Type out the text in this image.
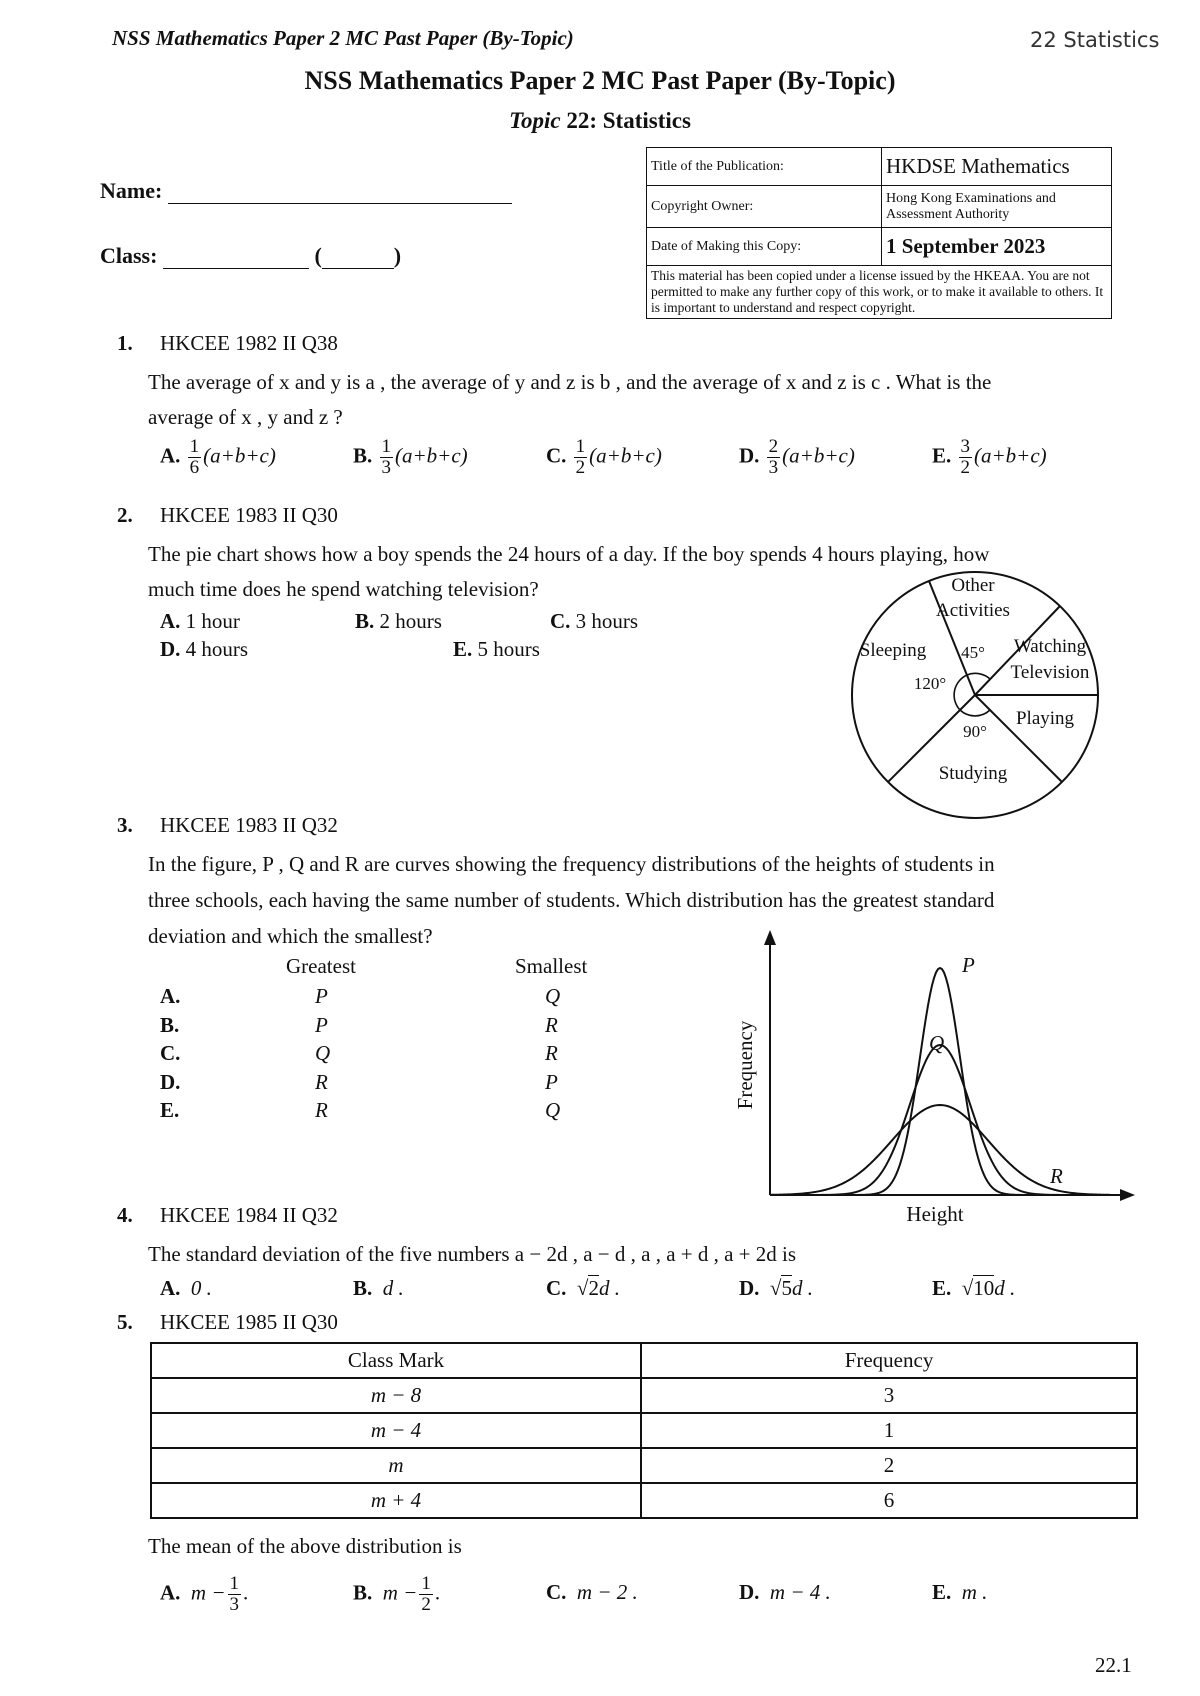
NSS Mathematics Paper 2 MC Past Paper (By-Topic)	22 Statistics
NSS Mathematics Paper 2 MC Past Paper (By-Topic)
Topic 22: Statistics
Name:
Class:	(	)
Title of the Publication:	HKDSE Mathematics
Copyright Owner:	Hong Kong Examinations and Assessment Authority
Date of Making this Copy:	1 September 2023
This material has been copied under a license issued by the HKEAA. You are not permitted to make any further copy of this work, or to make it available to others. It is important to understand and respect copyright.	
1. HKCEE 1982 II Q38
The average of x and y is a , the average of y and z is b , and the average of x and z is c . What is the
average of x , y and z ?
A. $\frac{1}{6} (a+b+c)$	B. $\frac{1}{3} (a+b+c)$	C. $\frac{1}{2} (a+b+c)$	D. $\frac{2}{3} (a+b+c)$	E. $\frac{3}{2} (a+b+c)$
2. HKCEE 1983 II Q30
The pie chart shows how a boy spends the 24 hours of a day. If the boy spends 4 hours playing, how
much time does he spend watching television?
A. 1 hour	B. 2 hours	C. 3 hours
D. 4 hours	E. 5 hours
Other
Activities
Sleeping	Watching
Television
Playing
Studying
45°
120°
90°
3. HKCEE 1983 II Q32
In the figure, P , Q and R are curves showing the frequency distributions of the heights of students in
three schools, each having the same number of students. Which distribution has the greatest standard
deviation and which the smallest?
Greatest	Smallest
A.	P	Q
B.	P	R
C.	Q	R
D.	R	P
E.	R	Q
P
Q
R
Height
Frequency
4. HKCEE 1984 II Q32
The standard deviation of the five numbers a − 2d , a − d , a , a + d , a + 2d is
A. 0 .	B. d .	C.  √2d .	D.  √5d .	E.  √10d .
5. HKCEE 1985 II Q30
Class Mark	Frequency
m − 8	3
m − 4	1
m	2
m + 4	6
The mean of the above distribution is
A. $m - \frac{1}{3}$ .	B. $m - \frac{1}{2}$ .	C. m − 2 .	D. m − 4 .	E. m .
22.1
